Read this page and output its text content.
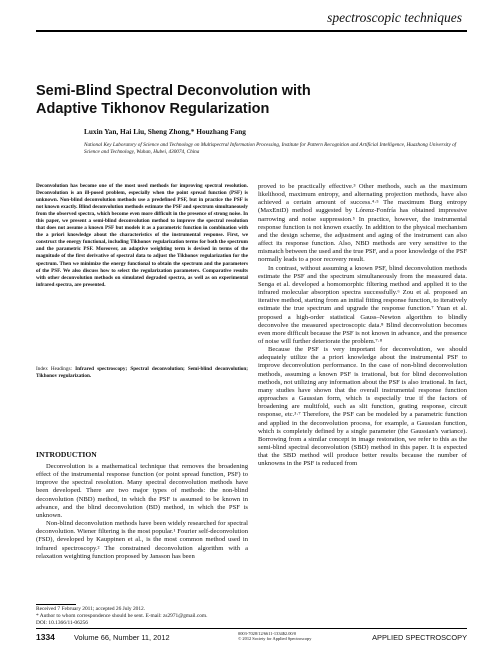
spectroscopic techniques
Semi-Blind Spectral Deconvolution with Adaptive Tikhonov Regularization
Luxin Yan, Hai Liu, Sheng Zhong,* Houzhang Fang
National Key Laboratory of Science and Technology on Multispectral Information Processing, Institute for Pattern Recognition and Artificial Intelligence, Huazhong University of Science and Technology, Wuhan, Hubei, 430074, China
Deconvolution has become one of the most used methods for improving spectral resolution. Deconvolution is an ill-posed problem, especially when the point spread function (PSF) is unknown. Non-blind deconvolution methods use a predefined PSF, but in practice the PSF is not known exactly. Blind deconvolution methods estimate the PSF and spectrum simultaneously from the observed spectra, which become even more difficult in the presence of strong noise. In this paper, we present a semi-blind deconvolution method to improve the spectral resolution that does not assume a known PSF but models it as a parametric function in combination with the a priori knowledge about the characteristics of the instrumental response. First, we construct the energy functional, including Tikhonov regularization terms for both the spectrum and the parametric PSF. Moreover, an adaptive weighting term is devised in terms of the magnitude of the first derivative of spectral data to adjust the Tikhonov regularization for the spectrum. Then we minimize the energy functional to obtain the spectrum and the parameters of the PSF. We also discuss how to select the regularization parameters. Comparative results with other deconvolution methods on simulated degraded spectra, as well as on experimental infrared spectra, are presented.
Index Headings: Infrared spectroscopy; Spectral deconvolution; Semi-blind deconvolution; Tikhonov regularization.
INTRODUCTION

Deconvolution is a mathematical technique that removes the broadening effect of the instrumental response function (or point spread function, PSF) to improve the spectral resolution. Many spectral deconvolution methods have been developed. There are two major types of methods: the non-blind deconvolution (NBD) method, in which the PSF is assumed to be known in advance, and the blind deconvolution (BD) method, in which the PSF is unknown.

Non-blind deconvolution methods have been widely researched for spectral deconvolution. Wiener filtering is the most popular.¹ Fourier self-deconvolution (FSD), developed by Kauppinen et al., is the most common method used in infrared spectroscopy.² The constrained deconvolution algorithm with a relaxation weighting function proposed by Jansson has been

proved to be practically effective.³ Other methods, such as the maximum likelihood, maximum entropy, and alternating projection methods, have also achieved a certain amount of success.⁴·⁵ The maximum Burg entropy (MaxEntD) method suggested by Lórenz-Fonfría has obtained impressive narrowing and noise suppression.⁵ In practice, however, the instrumental response function is not known exactly. In addition to the physical mechanism and the design scheme, the adjustment and aging of the instrument can also affect its response function. Also, NBD methods are very sensitive to the mismatch between the used and the true PSF, and a poor knowledge of the PSF normally leads to a poor recovery result.

In contrast, without assuming a known PSF, blind deconvolution methods estimate the PSF and the spectrum simultaneously from the measured data. Senga et al. developed a homomorphic filtering method and applied it to the infrared molecular absorption spectra successfully.⁶ Zou et al. proposed an iterative method, starting from an initial fitting response function, to iteratively estimate the true spectrum and upgrade the response function.⁷ Yuan et al. proposed a high-order statistical Gauss–Newton algorithm to blindly deconvolve the measured spectroscopic data.⁸ Blind deconvolution becomes even more difficult because the PSF is not known in advance, and the presence of noise will further deteriorate the problem.⁷·⁸

Because the PSF is very important for deconvolution, we should adequately utilize the a priori knowledge about the instrumental PSF to improve deconvolution performance. In the case of non-blind deconvolution methods, assuming a known PSF is irrational, but for blind deconvolution methods, not utilizing any information about the PSF is also irrational. In fact, many studies have shown that the overall instrumental response function approaches a Gaussian form, which is especially true if the factors of broadening are multifold, such as slit function, grating response, circuit response, etc.³·⁷ Therefore, the PSF can be modeled by a parametric function and applied in the deconvolution process, for example, a Gaussian function, which is completely defined by a single parameter (the Gaussian's variance). Borrowing from a similar concept in image restoration, we refer to this as the semi-blind spectral deconvolution (SBD) method in this paper. It is expected that the SBD method will produce better results because the number of unknowns in the PSF is reduced from

Received 7 February 2011; accepted 26 July 2012.
* Author to whom correspondence should be sent. E-mail: zs2971@gmail.com.
DOI: 10.1366/11-06256
1334	Volume 66, Number 11, 2012	0003-7028/12/6611-1334$2.00/0
© 2012 Society for Applied Spectroscopy	APPLIED SPECTROSCOPY
